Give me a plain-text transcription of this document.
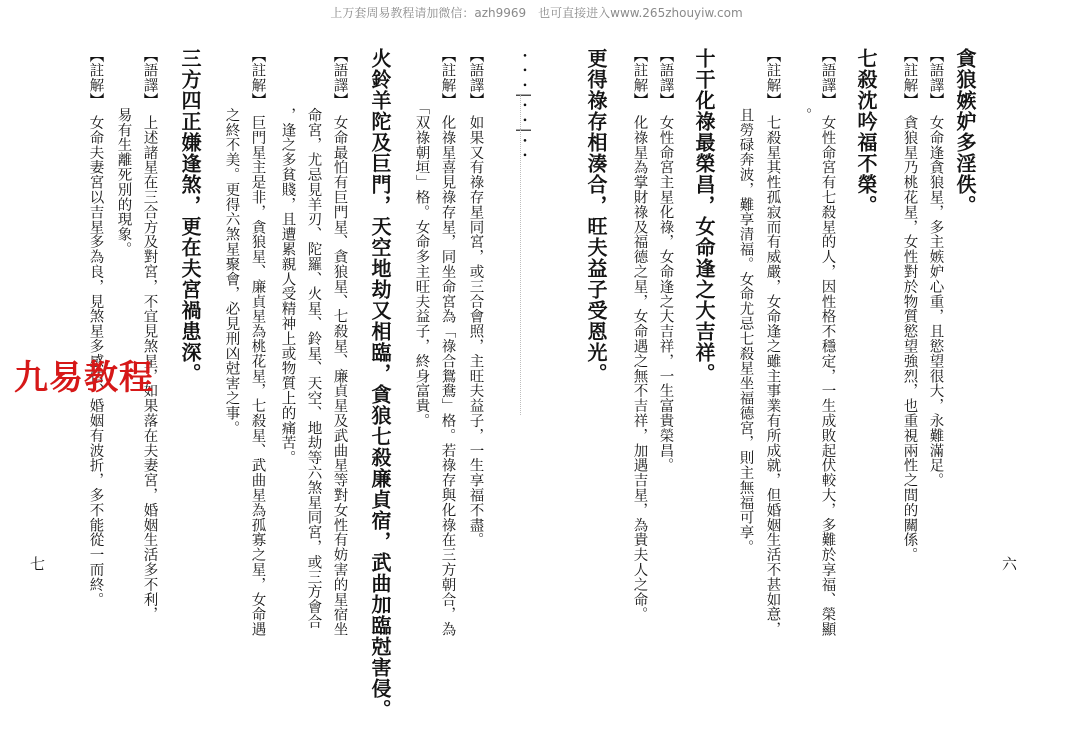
上万套周易教程请加微信：azh9969　也可直接进入www.265zhouyiw.com
貪狼嫉妒多淫佚。
【語譯】　女命逢貪狼星，多主嫉妒心重，且慾望很大，永難滿足。
【註解】　貪狼星乃桃花星，女性對於物質慾望強烈，也重視兩性之間的關係。
七殺沈吟福不榮。
【語譯】　女性命宮有七殺星的人，因性格不穩定，一生成敗起伏較大，多難於享福、榮顯
　　　　。
【註解】　七殺星其性孤寂而有威嚴，女命逢之雖主事業有所成就，但婚姻生活不甚如意，
　　　　且勞碌奔波，難享清福。女命尤忌七殺星坐福德宮，則主無福可享。
十干化祿最榮昌，女命逢之大吉祥。
【語譯】　女性命宮主星化祿，女命逢之大吉祥，一生富貴榮昌。
【註解】　化祿星為掌財祿及福德之星，女命遇之無不吉祥，加遇吉星，為貴夫人之命。
更得祿存相湊合，旺夫益子受恩光。
・・・|・・|・・
【語譯】　如果又有祿存星同宮，或三合會照，主旺夫益子，一生享福不盡。
【註解】　化祿星喜見祿存星，同坐命宮為「祿合鴛鴦」格。若祿存與化祿在三方朝合，為
　　　　「双祿朝垣」格。女命多主旺夫益子，終身富貴。
火鈴羊陀及巨門，天空地劫又相臨，貪狼七殺廉貞宿，武曲加臨尅害侵。
【語譯】　女命最怕有巨門星、貪狼星、七殺星、廉貞星及武曲星等對女性有妨害的星宿坐
　　　　命宮，尤忌見羊刃、陀羅、火星、鈴星、天空、地劫等六煞星同宮，或三方會合
　　　　，逢之多貧賤，且遭累親人受精神上或物質上的痛苦。
【註解】　巨門星主是非，貪狼星、廉貞星為桃花星，七殺星、武曲星為孤寡之星，女命遇
　　　　之終不美。更得六煞星聚會，必見刑凶尅害之事。
三方四正嫌逢煞，更在夫宮禍患深。
【語譯】　上述諸星在三合方及對宮，不宜見煞星，如果落在夫妻宮，婚姻生活多不利，
　　　　易有生離死別的現象。
【註解】　女命夫妻宮以吉星多為良，見煞星多感情、婚姻有波折，多不能從一而終。	六
七
九易教程
